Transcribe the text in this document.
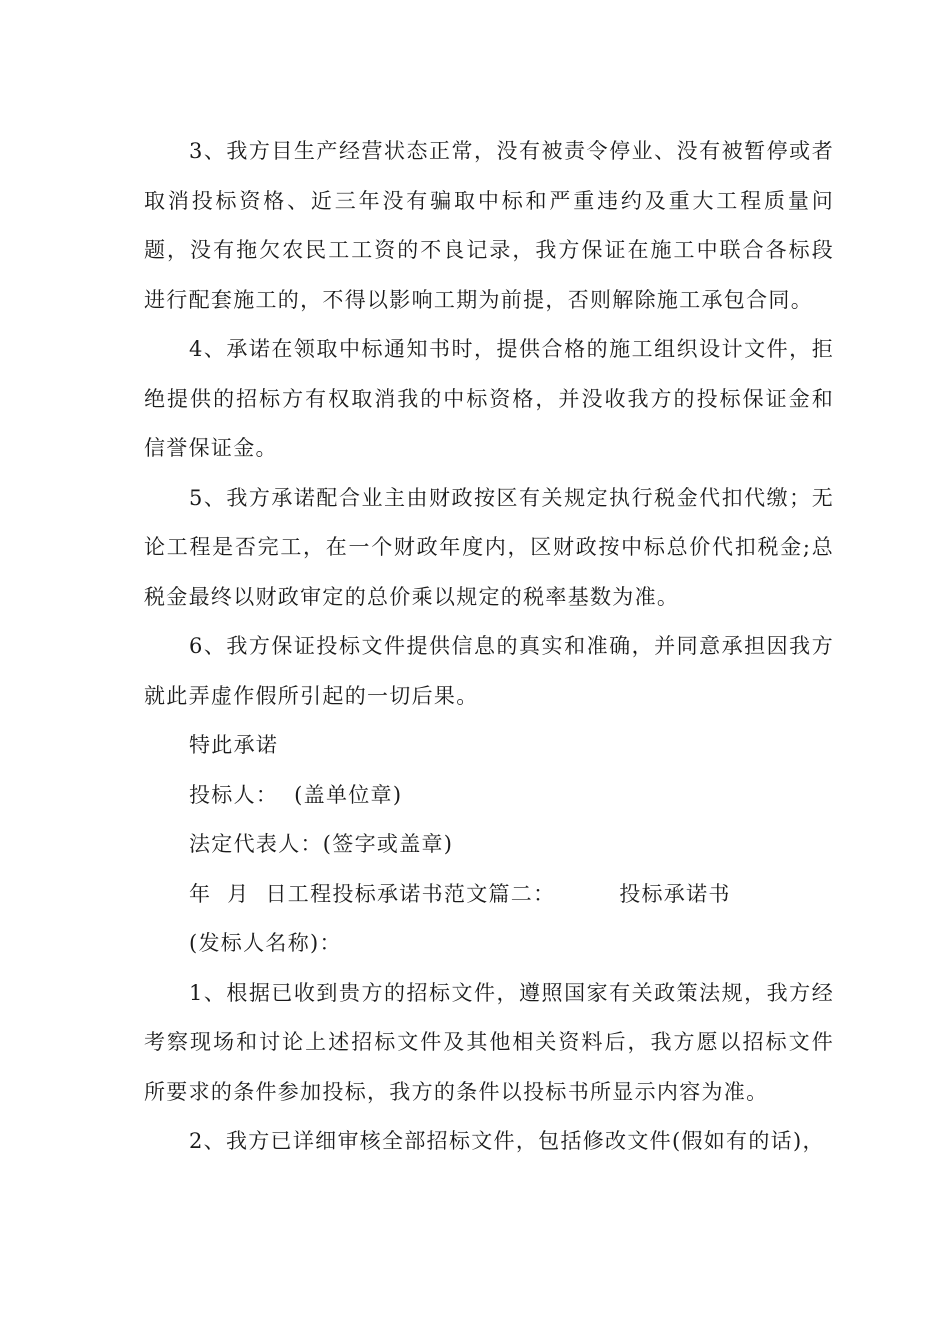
3、我方目生产经营状态正常，没有被责令停业、没有被暂停或者取消投标资格、近三年没有骗取中标和严重违约及重大工程质量问题，没有拖欠农民工工资的不良记录，我方保证在施工中联合各标段进行配套施工的，不得以影响工期为前提，否则解除施工承包合同。

4、承诺在领取中标通知书时，提供合格的施工组织设计文件，拒绝提供的招标方有权取消我的中标资格，并没收我方的投标保证金和信誉保证金。

5、我方承诺配合业主由财政按区有关规定执行税金代扣代缴；无论工程是否完工，在一个财政年度内，区财政按中标总价代扣税金;总税金最终以财政审定的总价乘以规定的税率基数为准。

6、我方保证投标文件提供信息的真实和准确，并同意承担因我方就此弄虚作假所引起的一切后果。

特此承诺

投标人：  (盖单位章)

法定代表人：(签字或盖章)

年  月  日工程投标承诺书范文篇二：        投标承诺书

(发标人名称)：

1、根据已收到贵方的招标文件，遵照国家有关政策法规，我方经考察现场和讨论上述招标文件及其他相关资料后，我方愿以招标文件所要求的条件参加投标，我方的条件以投标书所显示内容为准。

2、我方已详细审核全部招标文件，包括修改文件(假如有的话)，
